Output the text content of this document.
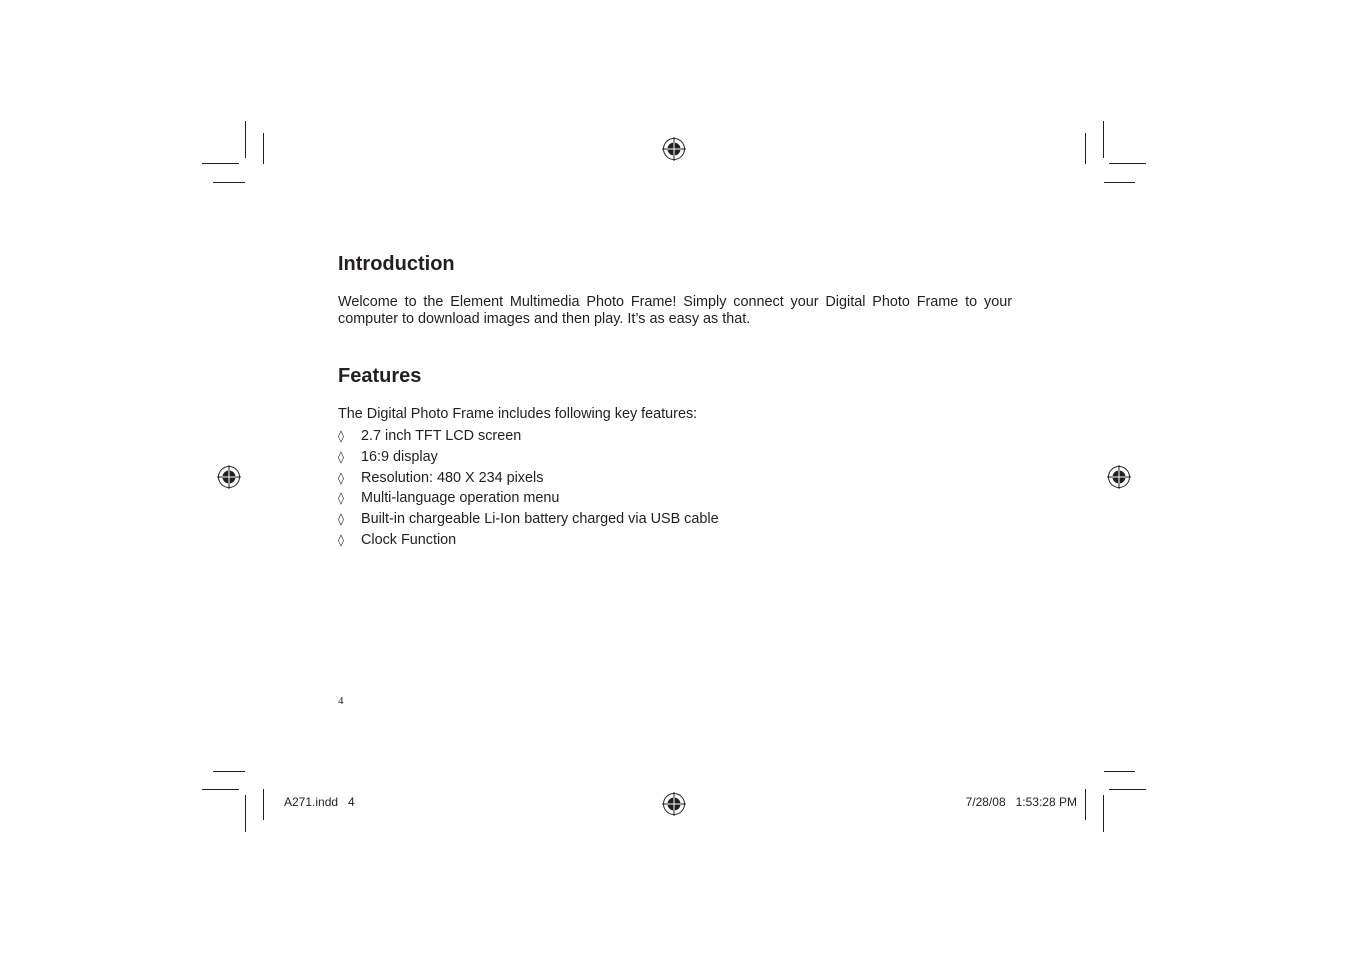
Introduction

Welcome to the Element Multimedia Photo Frame! Simply connect your Digital Photo Frame to your computer to download images and then play. It’s as easy as that.

Features

The Digital Photo Frame includes following key features:

◊ 2.7 inch TFT LCD screen
◊ 16:9 display
◊ Resolution: 480 X 234 pixels
◊ Multi-language operation menu
◊ Built-in chargeable Li-Ion battery charged via USB cable
◊ Clock Function
4
A271.indd   4	7/28/08   1:53:28 PM
